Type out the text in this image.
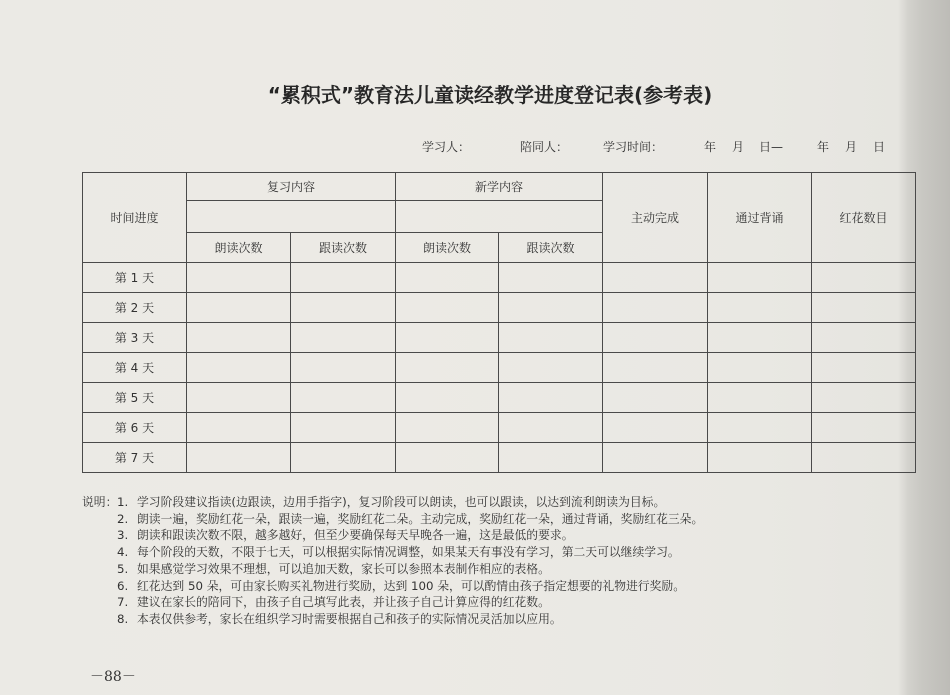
“累积式”教育法儿童读经教学进度登记表(参考表)
学习人：	陪同人：	学习时间：	年 月 日—	年 月 日
时间进度	复习内容		新学内容		主动完成	通过背诵	红花数目

	朗读次数	跟读次数	朗读次数	跟读次数			
第 1 天							
第 2 天							
第 3 天							
第 4 天							
第 5 天							
第 6 天							
第 7 天							
说明： 1. 学习阶段建议指读(边跟读，边用手指字)，复习阶段可以朗读，也可以跟读，以达到流利朗读为目标。
2. 朗读一遍，奖励红花一朵，跟读一遍，奖励红花二朵。主动完成，奖励红花一朵，通过背诵，奖励红花三朵。
3. 朗读和跟读次数不限，越多越好，但至少要确保每天早晚各一遍，这是最低的要求。
4. 每个阶段的天数，不限于七天，可以根据实际情况调整，如果某天有事没有学习，第二天可以继续学习。
5. 如果感觉学习效果不理想，可以追加天数，家长可以参照本表制作相应的表格。
6. 红花达到 50 朵，可由家长购买礼物进行奖励，达到 100 朵，可以酌情由孩子指定想要的礼物进行奖励。
7. 建议在家长的陪同下，由孩子自己填写此表，并让孩子自己计算应得的红花数。
8. 本表仅供参考，家长在组织学习时需要根据自己和孩子的实际情况灵活加以应用。
－88－
